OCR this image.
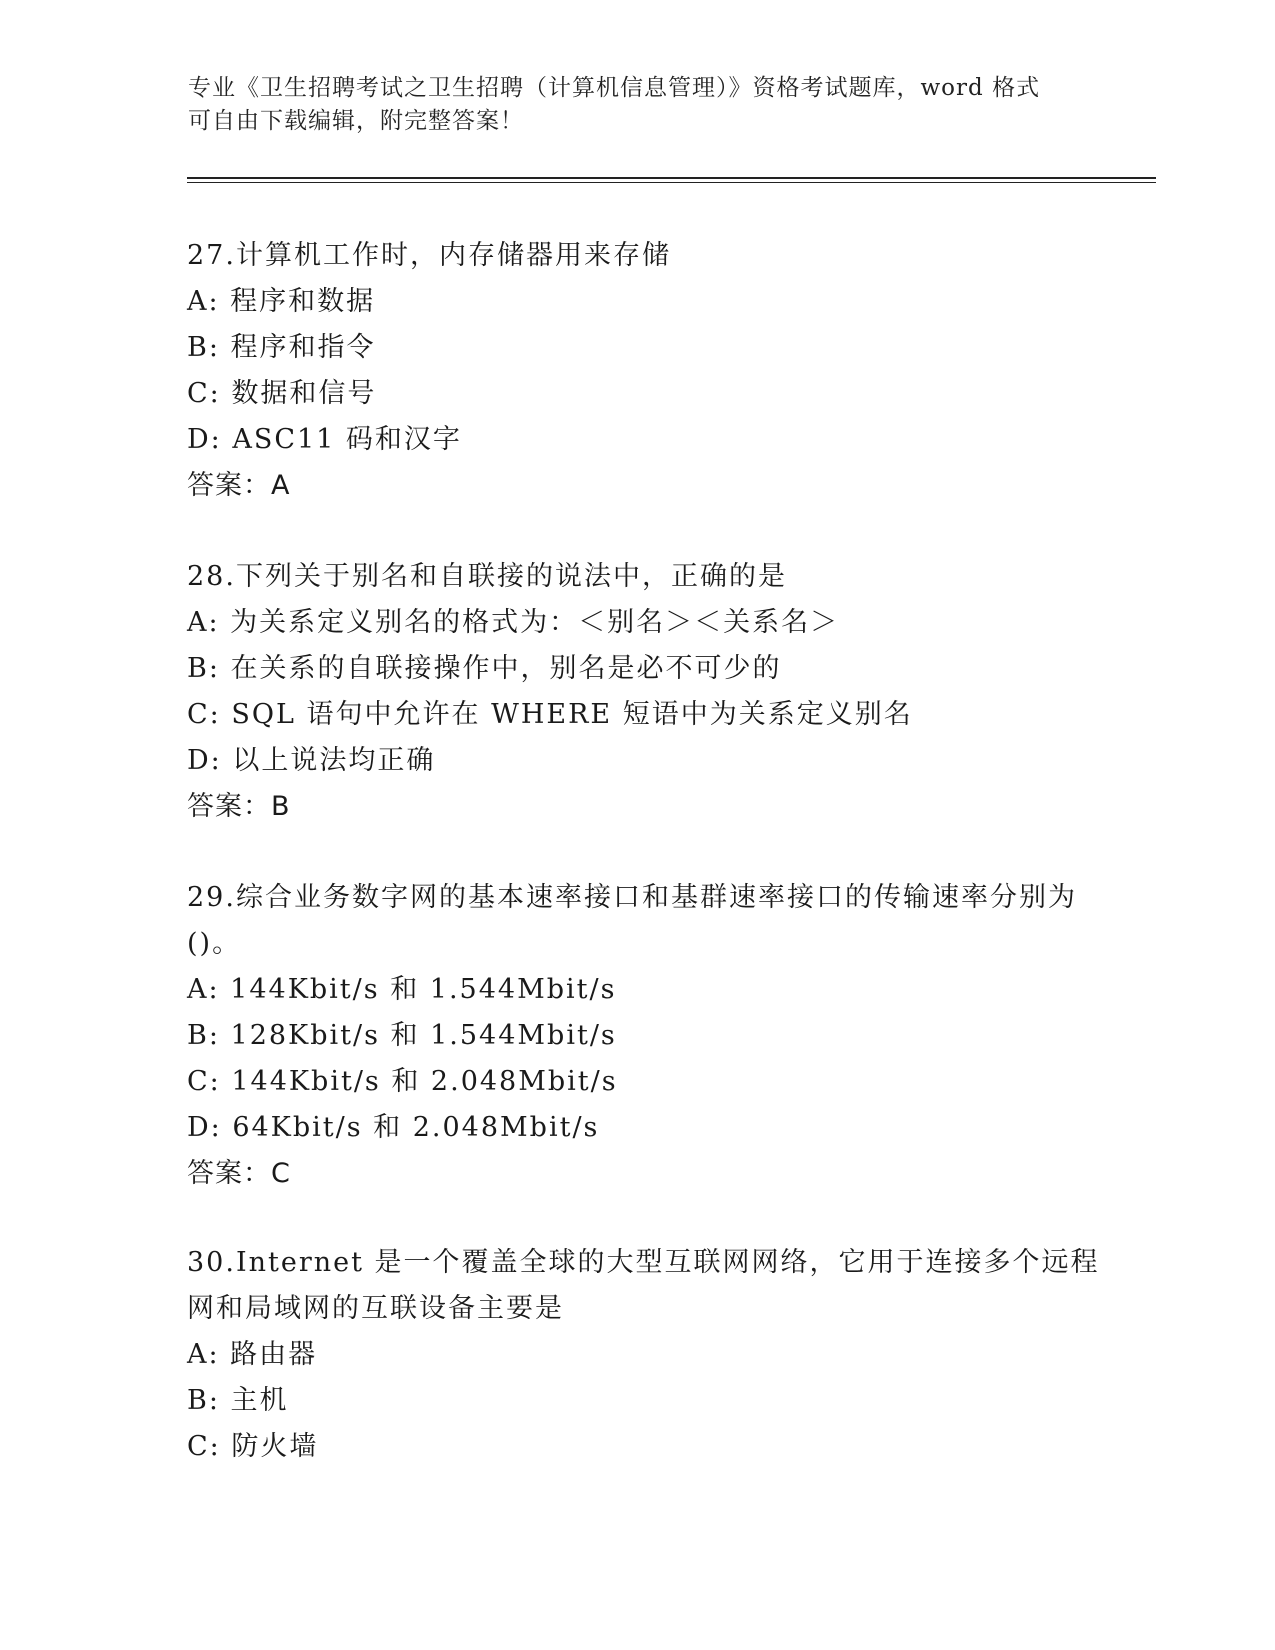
专业《卫生招聘考试之卫生招聘（计算机信息管理）》资格考试题库，word 格式
可自由下载编辑，附完整答案！
27.计算机工作时，内存储器用来存储
A: 程序和数据
B: 程序和指令
C: 数据和信号
D: ASC11 码和汉字
答案：A
28.下列关于别名和自联接的说法中，正确的是
A: 为关系定义别名的格式为：＜别名＞＜关系名＞
B: 在关系的自联接操作中，别名是必不可少的
C: SQL 语句中允许在 WHERE 短语中为关系定义别名
D: 以上说法均正确
答案：B
29.综合业务数字网的基本速率接口和基群速率接口的传输速率分别为
()。
A: 144Kbit/s 和 1.544Mbit/s
B: 128Kbit/s 和 1.544Mbit/s
C: 144Kbit/s 和 2.048Mbit/s
D: 64Kbit/s 和 2.048Mbit/s
答案：C
30.Internet 是一个覆盖全球的大型互联网网络，它用于连接多个远程
网和局域网的互联设备主要是
A: 路由器
B: 主机
C: 防火墙
